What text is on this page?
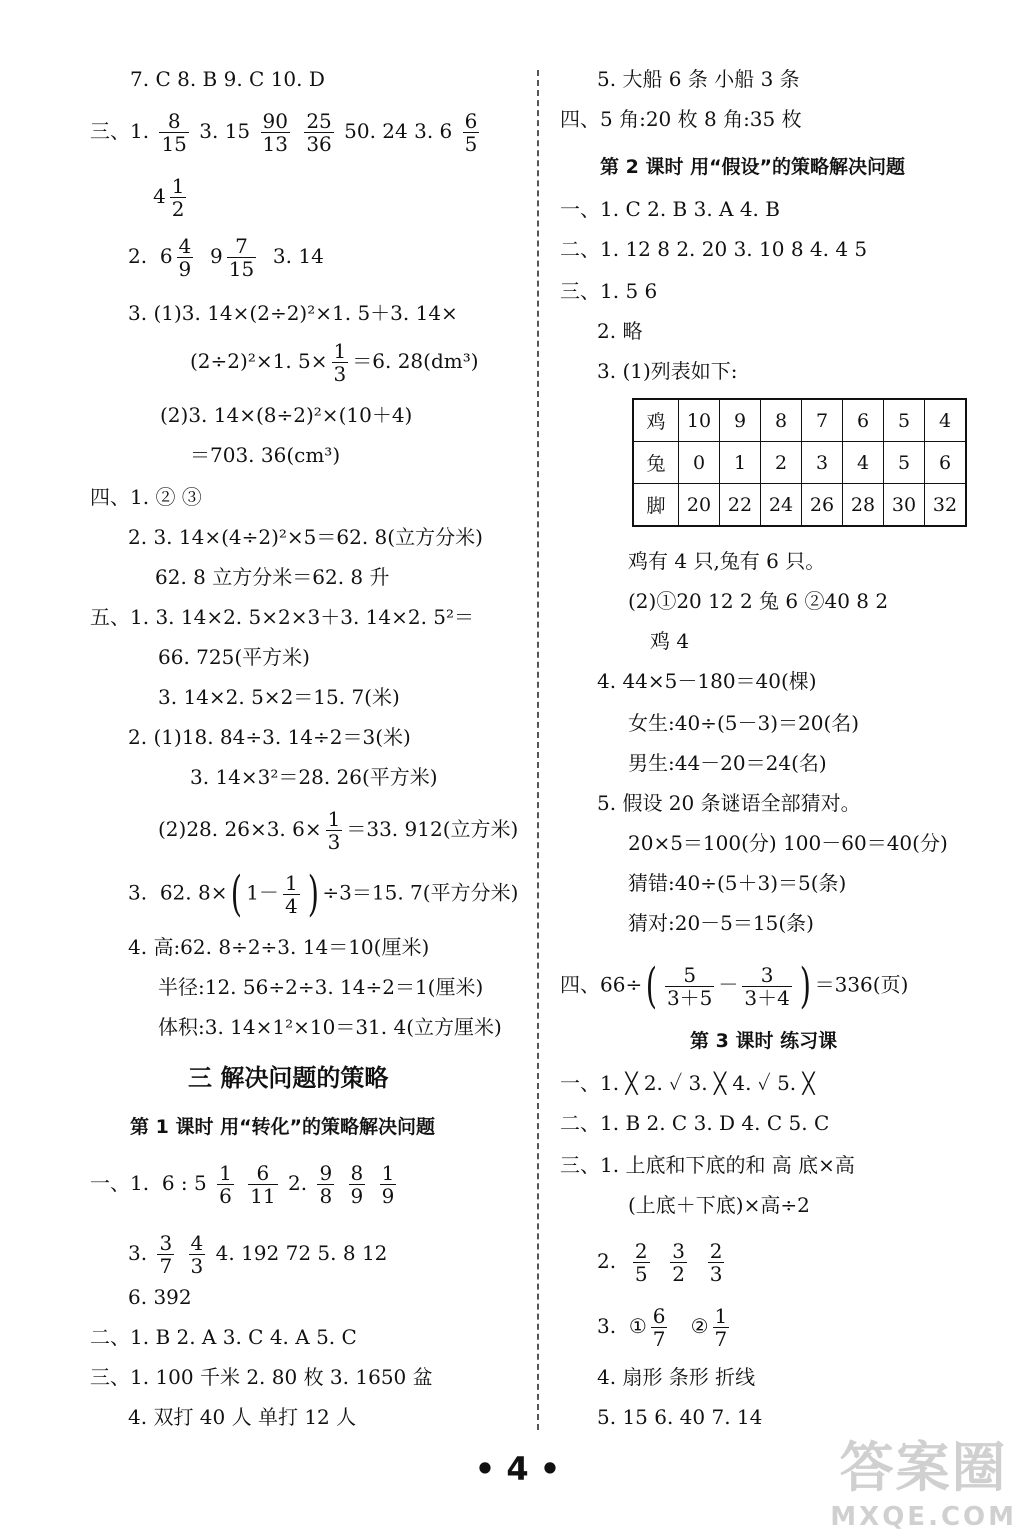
7. C 8. B 9. C 10. D
三、1. $\frac{8}{15} 3$. $15 \frac{90}{13}$
$\frac{25}{36} 50$. 24 3. $6 \frac{6}{5}$
$4 \frac{1}{2}$
2. $6 \frac{4}{9} 9 \frac{7}{15} 3$. 14
3. (1)3. 14×(2÷2)²×1. 5＋3. 14×
(2÷2)²×1. $5\times \frac{1}{3} =6$. 28(dm³)
(2)3. 14×(8÷2)²×(10＋4)
＝703. 36(cm³)
四、1. ② ③
2. 3. 14×(4÷2)²×5＝62. 8(立方分米)
62. 8 立方分米＝62. 8 升
五、1. 3. 14×2. 5×2×3＋3. 14×2. 5²＝
66. 725(平方米)
3. 14×2. 5×2＝15. 7(米)
2. (1)18. 84÷3. 14÷2＝3(米)
3. 14×3²＝28. 26(平方米)
(2)28. 26×3. $6\times \frac{1}{3} =33$. 912(立方米)
3. 62. 8×( $1- \frac{1}{4}$ ) ÷3＝15. 7(平方分米)
4. 高:62. 8÷2÷3. 14＝10(厘米)
半径:12. 56÷2÷3. 14÷2＝1(厘米)
体积:3. 14×1²×10＝31. 4(立方厘米)
三 解决问题的策略
第 1 课时 用“转化”的策略解决问题
一、1. 6 : $5 \frac{1}{6}$
$\frac{6}{11} 2$. $\frac{9}{8}$
$\frac{8}{9}$
$\frac{1}{9}$
3. $\frac{3}{7}$
$\frac{4}{3} 4$. 192 72 5. 8 12
6. 392
二、1. B 2. A 3. C 4. A 5. C
三、1. 100 千米 2. 80 枚 3. 1650 盆
4. 双打 40 人 单打 12 人
5. 大船 6 条 小船 3 条
四、5 角:20 枚 8 角:35 枚
第 2 课时 用“假设”的策略解决问题
一、1. C 2. B 3. A 4. B
二、1. 12 8 2. 20 3. 10 8 4. 4 5
三、1. 5 6
2. 略
3. (1)列表如下:
鸡	10	9	8	7	6	5	4
兔	0	1	2	3	4	5	6
脚	20	22	24	26	28	30	32
鸡有 4 只,兔有 6 只。
(2)①20 12 2 兔 6 ②40 8 2
鸡 4
4. 44×5－180＝40(棵)
女生:40÷(5－3)＝20(名)
男生:44－20＝24(名)
5. 假设 20 条谜语全部猜对。
20×5＝100(分) 100－60＝40(分)
猜错:40÷(5＋3)＝5(条)
猜对:20－5＝15(条)
四、$66\div( \frac{5}{3+5} - \frac{3}{3+4}$ ) ＝336(页)
第 3 课时 练习课
一、1. ╳ 2. ✓ 3. ╳ 4. ✓ 5. ╳
二、1. B 2. C 3. D 4. C 5. C
三、1. 上底和下底的和 高 底×高
(上底＋下底)×高÷2
2. $\frac{2}{5}$
$\frac{3}{2}$
$\frac{2}{3}$
3. ① $\frac{6}{7}$ ② $\frac{1}{7}$
4. 扇形 条形 折线
5. 15 6. 40 7. 14
• 4 •	答案圈
MXQE.COM
